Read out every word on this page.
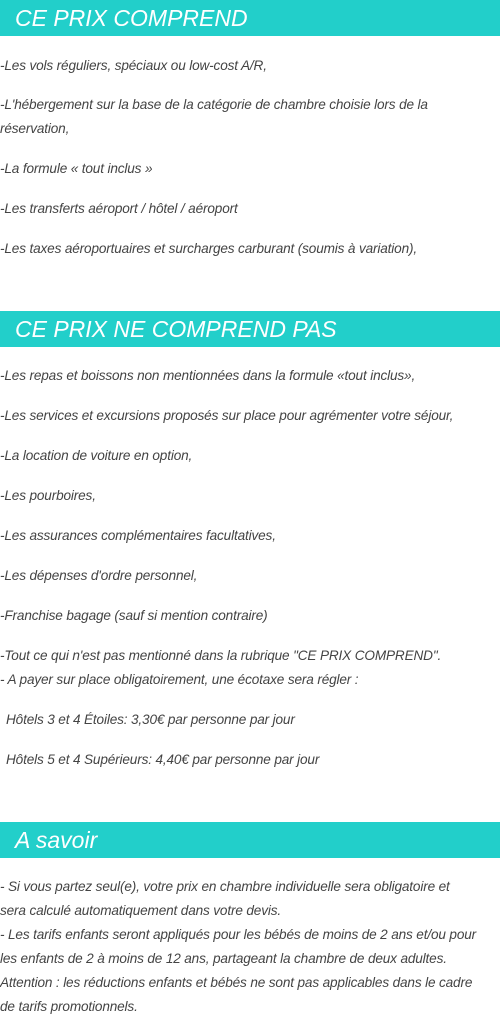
CE PRIX COMPREND
-Les vols réguliers, spéciaux ou low-cost A/R,
-L'hébergement sur la base de la catégorie de chambre choisie lors de la
réservation,
-La formule « tout inclus »
-Les transferts aéroport / hôtel / aéroport
-Les taxes aéroportuaires et surcharges carburant (soumis à variation),
CE PRIX NE COMPREND PAS
-Les repas et boissons non mentionnées dans la formule «tout inclus»,
-Les services et excursions proposés sur place pour agrémenter votre séjour,
-La location de voiture en option,
-Les pourboires,
-Les assurances complémentaires facultatives,
-Les dépenses d'ordre personnel,
-Franchise bagage (sauf si mention contraire)
-Tout ce qui n'est pas mentionné dans la rubrique "CE PRIX COMPREND".
- A payer sur place obligatoirement, une écotaxe sera régler :
Hôtels 3 et 4 Étoiles: 3,30€ par personne par jour
Hôtels 5 et 4 Supérieurs: 4,40€ par personne par jour
A savoir
- Si vous partez seul(e), votre prix en chambre individuelle sera obligatoire et
sera calculé automatiquement dans votre devis.
- Les tarifs enfants seront appliqués pour les bébés de moins de 2 ans et/ou pour
les enfants de 2 à moins de 12 ans, partageant la chambre de deux adultes.
Attention : les réductions enfants et bébés ne sont pas applicables dans le cadre
de tarifs promotionnels.
